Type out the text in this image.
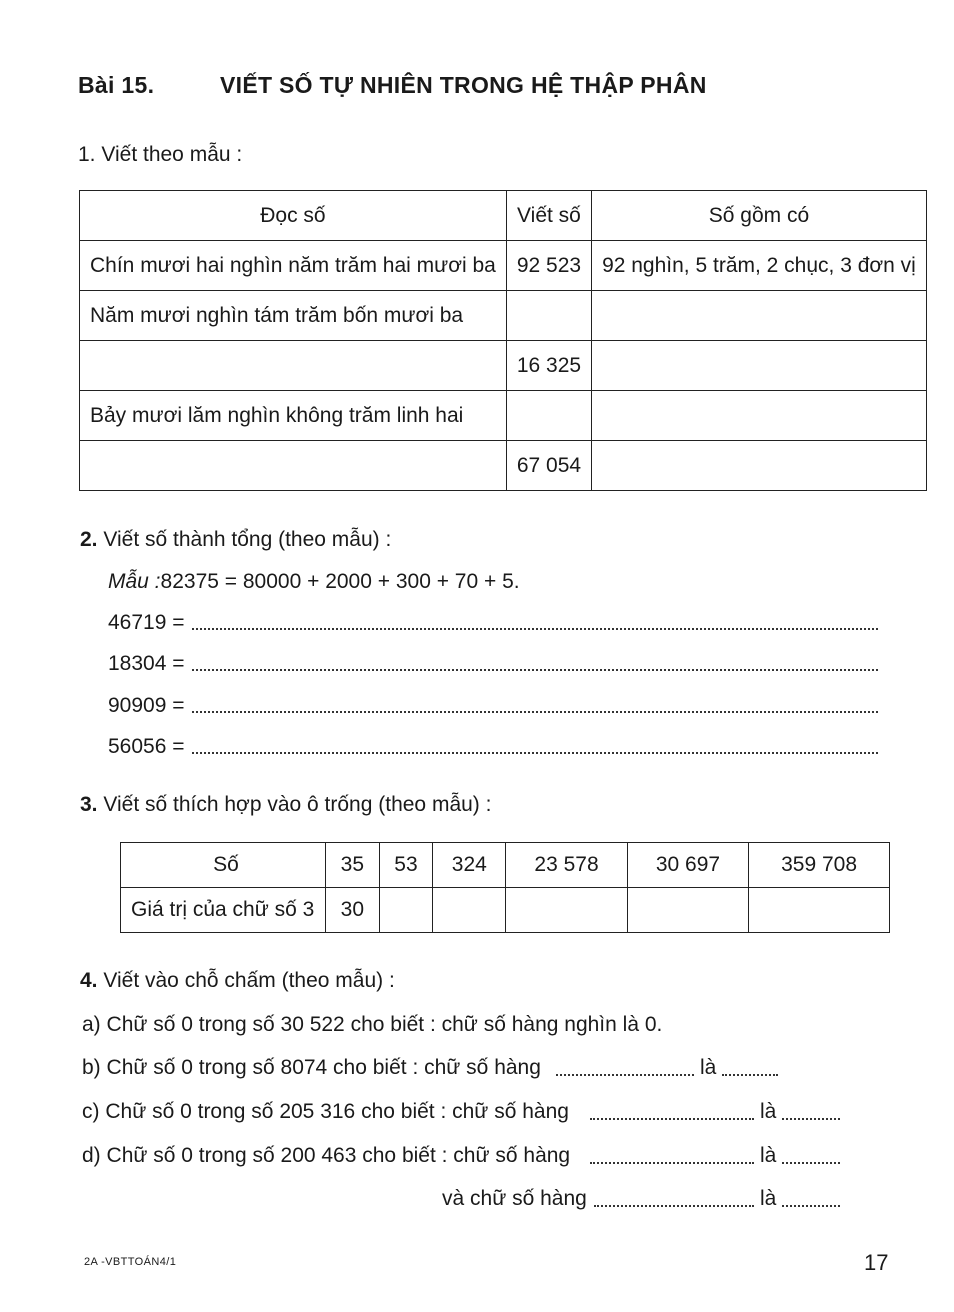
Bài 15.	VIẾT SỐ TỰ NHIÊN TRONG HỆ THẬP PHÂN
1. Viết theo mẫu :
Đọc số	Viết số	Số gồm có
Chín mươi hai nghìn năm trăm hai mươi ba	92 523	92 nghìn, 5 trăm, 2 chục, 3 đơn vị
Năm mươi nghìn tám trăm bốn mươi ba		
	16 325	
Bảy mươi lăm nghìn không trăm linh hai		
	67 054	
2. Viết số thành tổng (theo mẫu) :
Mẫu :82375 = 80000 + 2000 + 300 + 70 + 5.
46719 =
18304 =
90909 =
56056 =
3. Viết số thích hợp vào ô trống (theo mẫu) :
Số	35	53	324	23 578	30 697	359 708
Giá trị của chữ số 3	30					
4. Viết vào chỗ chấm (theo mẫu) :
a) Chữ số 0 trong số 30 522 cho biết : chữ số hàng nghìn là 0.
b) Chữ số 0 trong số 8074 cho biết : chữ số hàng	là
c) Chữ số 0 trong số 205 316 cho biết : chữ số hàng	là
d) Chữ số 0 trong số 200 463 cho biết : chữ số hàng	là
và chữ số hàng	là
2A -VBTTOÁN4/1	17
